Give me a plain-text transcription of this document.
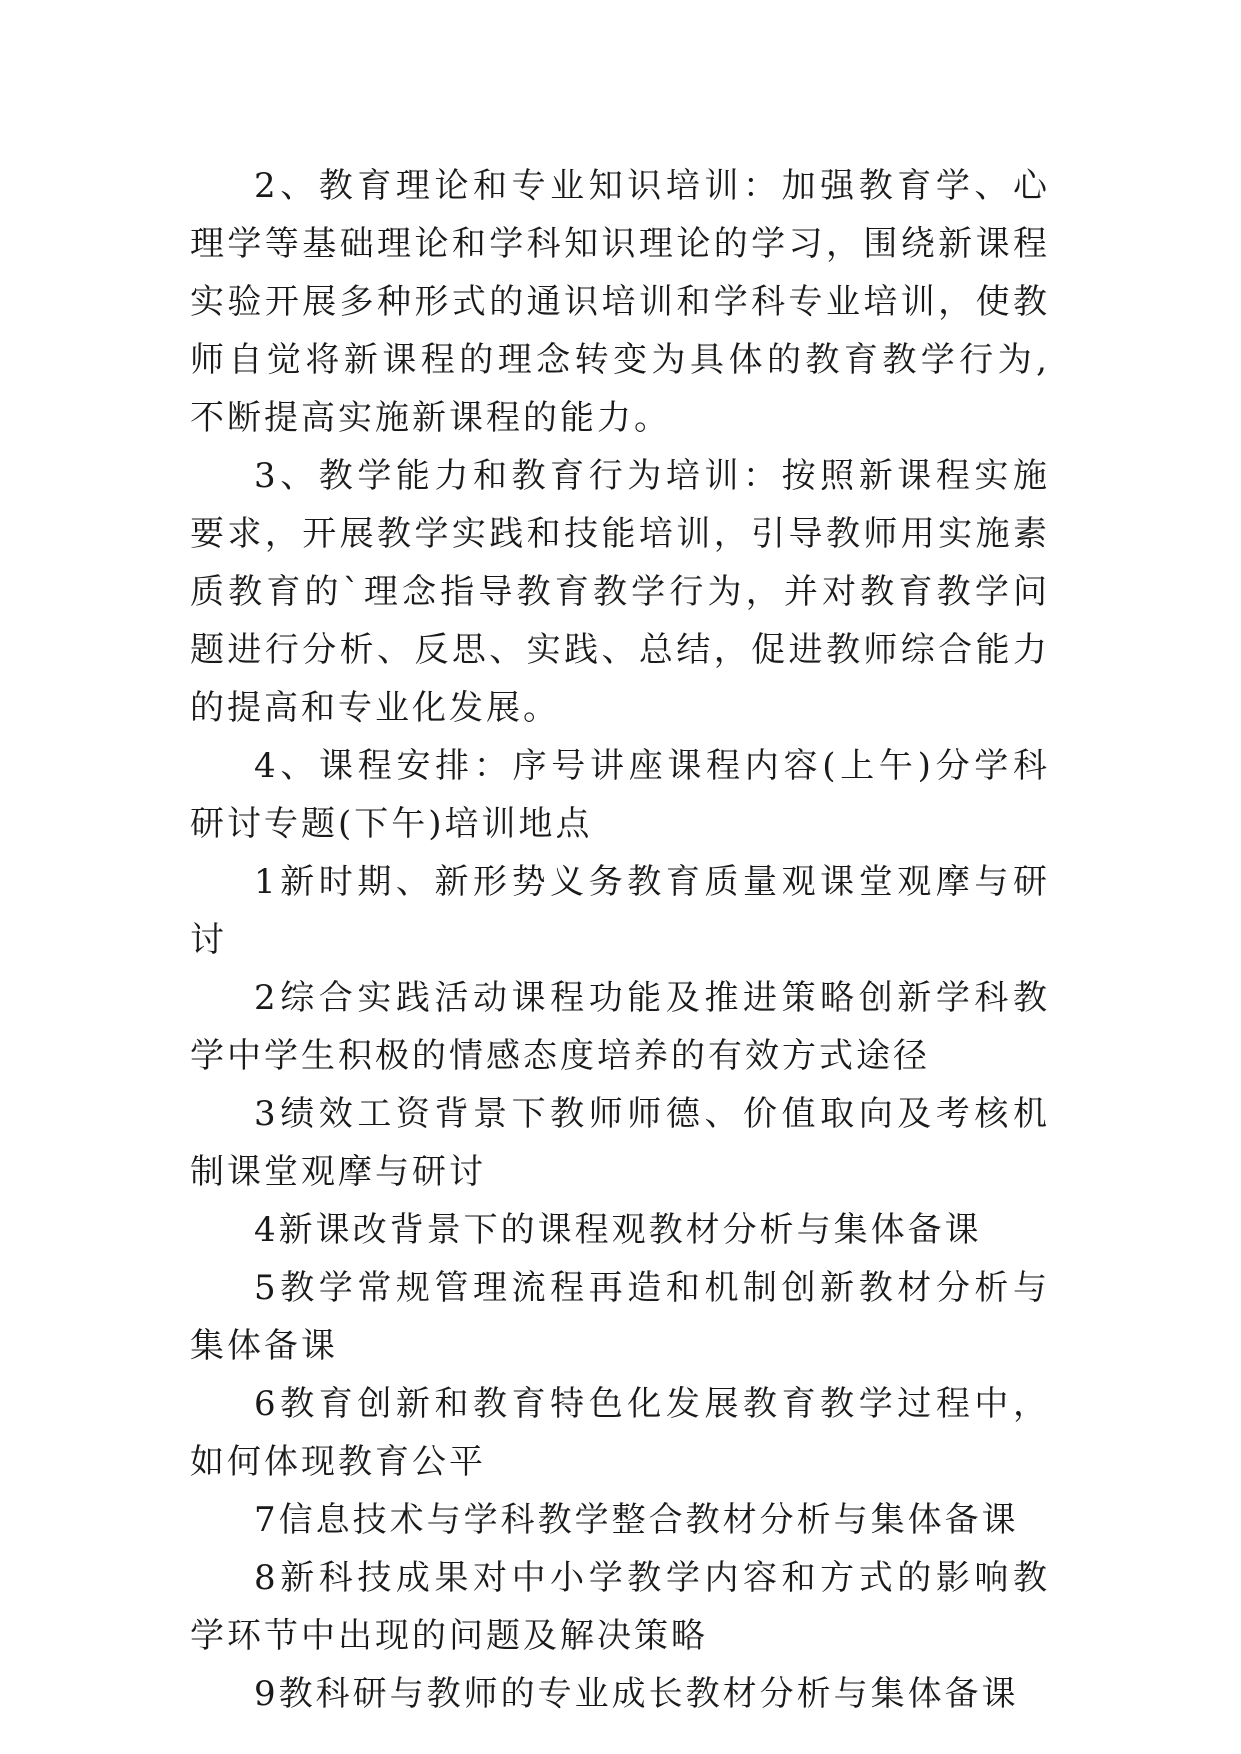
2、教育理论和专业知识培训：加强教育学、心理学等基础理论和学科知识理论的学习，围绕新课程实验开展多种形式的通识培训和学科专业培训，使教师自觉将新课程的理念转变为具体的教育教学行为,不断提高实施新课程的能力。

3、教学能力和教育行为培训：按照新课程实施要求，开展教学实践和技能培训，引导教师用实施素质教育的`理念指导教育教学行为，并对教育教学问题进行分析、反思、实践、总结，促进教师综合能力的提高和专业化发展。

4、课程安排：序号讲座课程内容(上午)分学科研讨专题(下午)培训地点

1新时期、新形势义务教育质量观课堂观摩与研讨

2综合实践活动课程功能及推进策略创新学科教学中学生积极的情感态度培养的有效方式途径

3绩效工资背景下教师师德、价值取向及考核机制课堂观摩与研讨

4新课改背景下的课程观教材分析与集体备课

5教学常规管理流程再造和机制创新教材分析与集体备课

6教育创新和教育特色化发展教育教学过程中，如何体现教育公平

7信息技术与学科教学整合教材分析与集体备课

8新科技成果对中小学教学内容和方式的影响教学环节中出现的问题及解决策略

9教科研与教师的专业成长教材分析与集体备课
